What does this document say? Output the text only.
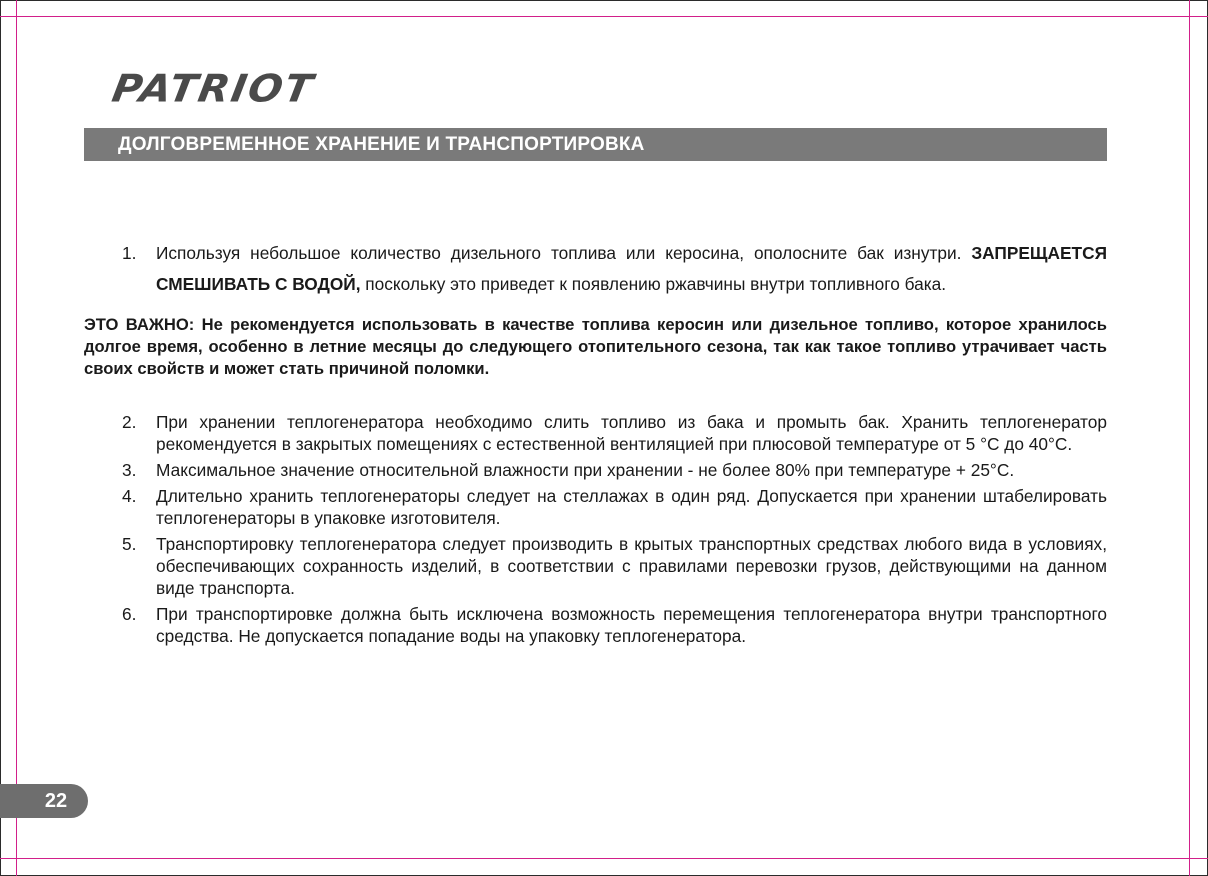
PATRIOT
ДОЛГОВРЕМЕННОЕ ХРАНЕНИЕ И ТРАНСПОРТИРОВКА
1.	Используя небольшое количество дизельного топлива или керосина, ополосните бак изнутри. ЗАПРЕЩАЕТСЯ СМЕШИВАТЬ С ВОДОЙ, поскольку это приведет к появлению ржавчины внутри топливного бака.
ЭТО ВАЖНО: Не рекомендуется использовать в качестве топлива керосин или дизельное топливо, которое хранилось долгое время, особенно в летние месяцы до следующего отопительного сезона, так как такое топливо утрачивает часть своих свойств и может стать причиной поломки.
2.	При хранении теплогенератора необходимо слить топливо из бака и промыть бак. Хранить теплогенератор рекомендуется в закрытых помещениях с естественной вентиляцией при плюсовой температуре от 5 °C до 40°C.
3.	Максимальное значение относительной влажности при хранении - не более 80% при температуре + 25°C.
4.	Длительно хранить теплогенераторы следует на стеллажах в один ряд. Допускается при хранении штабелировать теплогенераторы в упаковке изготовителя.
5.	Транспортировку теплогенератора следует производить в крытых транспортных средствах любого вида в условиях, обеспечивающих сохранность изделий, в соответствии с правилами перевозки грузов, действующими на данном виде транспорта.
6.	При транспортировке должна быть исключена возможность перемещения теплогенератора внутри транспортного средства. Не допускается попадание воды на упаковку теплогенератора.
22
